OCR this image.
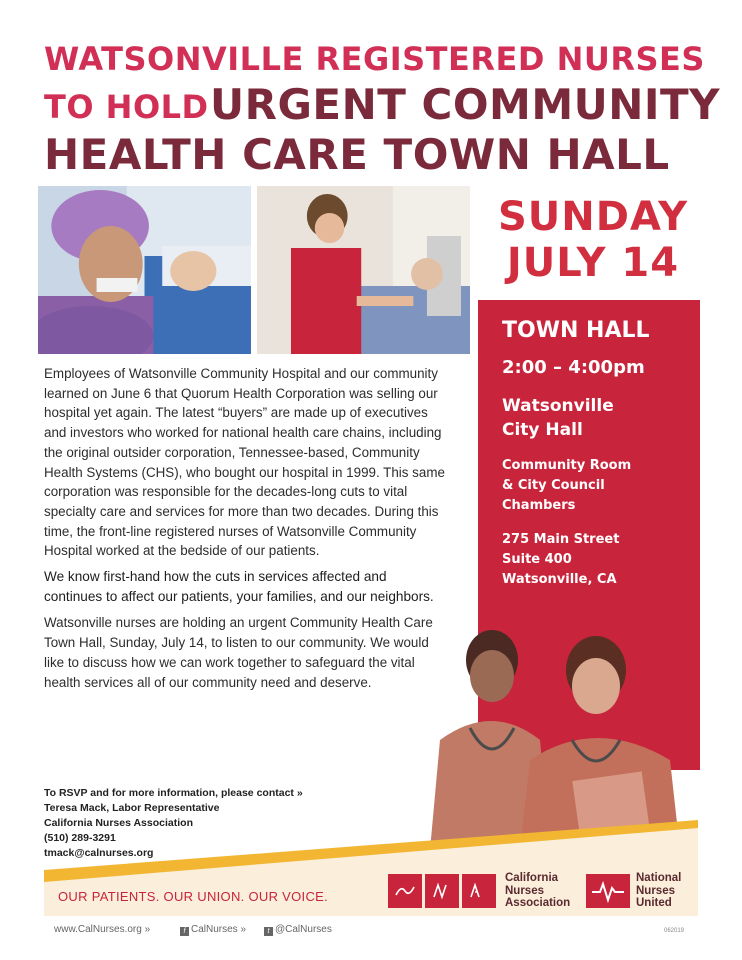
WATSONVILLE REGISTERED NURSES
TO HOLD URGENT COMMUNITY
HEALTH CARE TOWN HALL
SUNDAY
JULY 14
TOWN HALL
2:00 – 4:00pm
Watsonville
City Hall
Community Room
& City Council
Chambers
275 Main Street
Suite 400
Watsonville, CA

Employees of Watsonville Community Hospital and our community learned on June 6 that Quorum Health Corporation was selling our hospital yet again. The latest “buyers” are made up of executives and investors who worked for national health care chains, including the original outsider corporation, Tennessee-based, Community Health Systems (CHS), who bought our hospital in 1999. This same corporation was responsible for the decades-long cuts to vital specialty care and services for more than two decades. During this time, the front-line registered nurses of Watsonville Community Hospital worked at the bedside of our patients.

We know first-hand how the cuts in services affected and continues to affect our patients, your families, and our neighbors.

Watsonville nurses are holding an urgent Community Health Care Town Hall, Sunday, July 14, to listen to our community. We would like to discuss how we can work together to safeguard the vital health services all of our community need and deserve.

To RSVP and for more information, please contact »
Teresa Mack, Labor Representative
California Nurses Association
(510) 289-3291
tmack@calnurses.org
OUR PATIENTS. OUR UNION. OUR VOICE.
California
Nurses
Association
National
Nurses
United
www.CalNurses.org »	f CalNurses »	t @CalNurses	062019
